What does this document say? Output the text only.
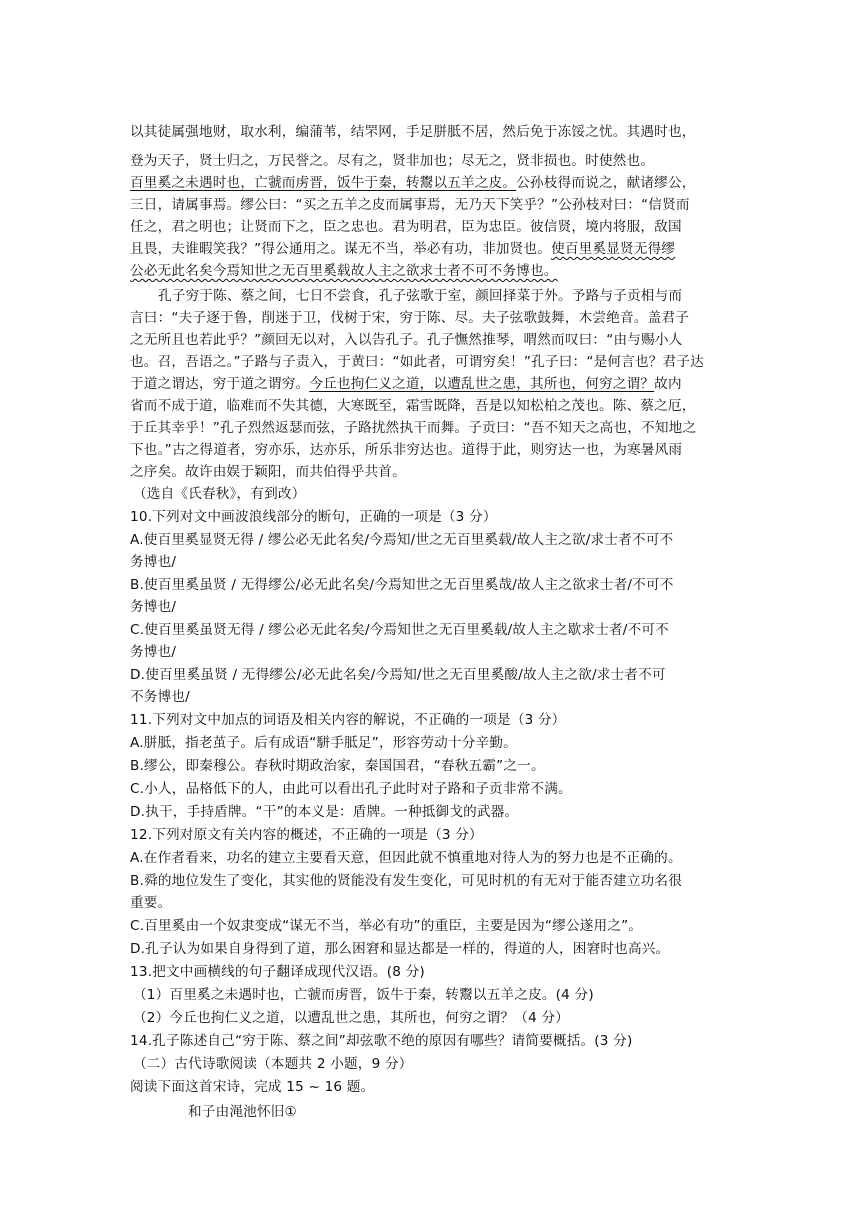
以其徒属强地财，取水利，编蒲苇，结罘网，手足胼胝不居，然后免于冻馁之忧。其遇时也，
登为天子，贤士归之，万民誉之。尽有之，贤非加也；尽无之，贤非损也。时使然也。
百里奚之未遇时也，亡虢而虏晋，饭牛于秦，转鬻以五羊之皮。公孙枝得而说之，献诸缪公，
三日，请属事焉。缪公曰：“买之五羊之皮而属事焉，无乃天下笑乎？”公孙枝对曰：“信贤而
任之，君之明也；让贤而下之，臣之忠也。君为明君，臣为忠臣。彼信贤，境内将服，敌国
且畏，夫谁暇笑我？”得公通用之。谋无不当，举必有功，非加贤也。使百里奚显贤无得缪
公必无此名矣今焉知世之无百里奚载故人主之欲求士者不可不务博也。
孔子穷于陈、蔡之间，七日不尝食，孔子弦歌于室，颜回择菜于外。予路与子贡相与而
言曰：“夫子逐于鲁，削迷于卫，伐树于宋，穷于陈、尽。夫子弦歌鼓舞，木尝绝音。盖君子
之无所且也若此乎？”颜回无以对，入以告孔子。孔子憮然推琴，喟然而叹曰：“由与赐小人
也。召，吾语之。”子路与子责入，于黄曰：“如此者，可谓穷矣！”孔子曰：“是何言也？君子达
于道之谓达，穷于道之谓穷。今丘也拘仁义之道，以遭乱世之患，其所也，何穷之谓？故内
省而不成于道，临难而不失其德，大寒既至，霜雪既降，吾是以知松柏之茂也。陈、蔡之厄，
于丘其幸乎！”孔子烈然返瑟而弦，子路扰然执干而舞。子贡曰：“吾不知天之高也，不知地之
下也。”古之得道者，穷亦乐，达亦乐，所乐非穷达也。道得于此，则穷达一也，为寒暑风雨
之序矣。故许由娱于颖阳，而共伯得乎共首。
（选自《氏春秋》，有到改）
10.下列对文中画波浪线部分的断句，正确的一项是（3 分）
A.使百里奚显贤无得 / 缪公必无此名矣/今焉知/世之无百里奚载/故人主之欲/求士者不可不
务博也/
B.使百里奚虽贤 / 无得缪公/必无此名矣/今焉知世之无百里奚哉/故人主之欲求士者/不可不
务博也/
C.使百里奚虽贤无得 / 缪公必无此名矣/今焉知世之无百里奚载/故人主之歇求士者/不可不
务博也/
D.使百里奚虽贤 / 无得缪公/必无此名矣/今焉知/世之无百里奚酸/故人主之欲/求士者不可
不务博也/
11.下列对文中加点的词语及相关内容的解说，不正确的一项是（3 分）
A.胼胝，指老茧子。后有成语“駢手胝足”，形容劳动十分辛勤。
B.缪公，即秦穆公。春秋时期政治家，秦国国君，“春秋五霸”之一。
C.小人，品格低下的人，由此可以看出孔子此时对子路和子贡非常不满。
D.执干，手持盾牌。“干”的本义是：盾牌。一种抵御戈的武器。
12.下列对原文有关内容的概述，不正确的一项是（3 分）
A.在作者看来，功名的建立主要看天意，但因此就不慎重地对待人为的努力也是不正确的。
B.舜的地位发生了变化，其实他的贤能没有发生变化，可见时机的有无对于能否建立功名很
重要。
C.百里奚由一个奴隶变成“谋无不当，举必有功”的重臣，主要是因为“缪公遂用之”。
D.孔子认为如果自身得到了道，那么困窘和显达都是一样的，得道的人，困窘时也高兴。
13.把文中画横线的句子翻译成现代汉语。(8 分)
（1）百里奚之未遇时也，亡虢而虏晋，饭牛于秦，转鬻以五羊之皮。(4 分)
（2）今丘也拘仁义之道，以遭乱世之患，其所也，何穷之谓？（4 分）
14.孔子陈述自己“穷于陈、蔡之间”却弦歌不绝的原因有哪些？请简要概括。(3 分)
（二）古代诗歌阅读（本题共 2 小题，9 分）
阅读下面这首宋诗，完成 15 ~ 16 题。
和子由渑池怀旧①
